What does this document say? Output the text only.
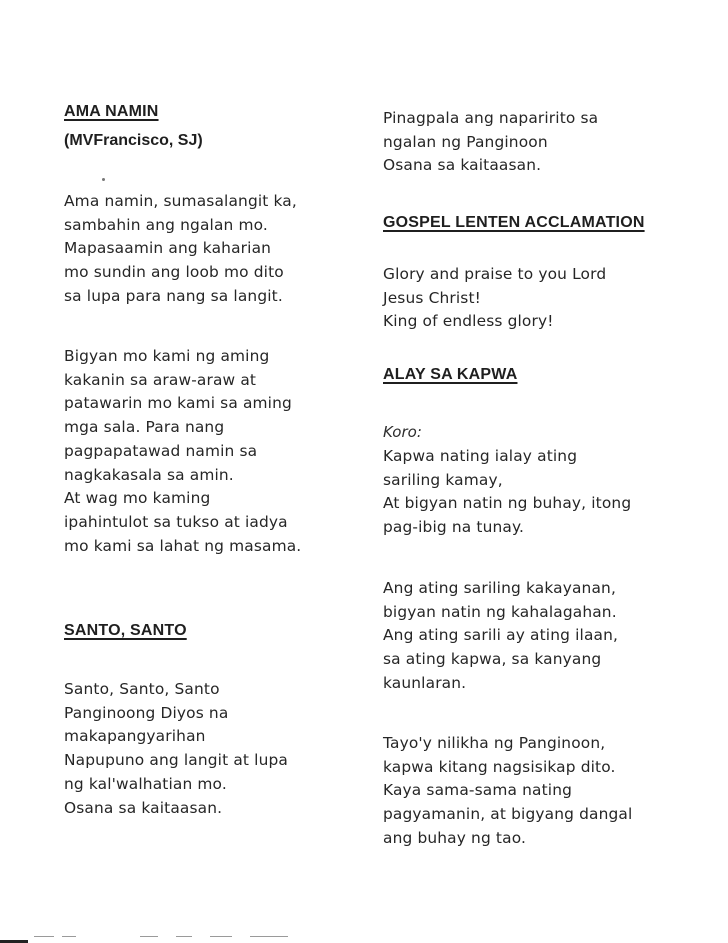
AMA NAMIN
(MVFrancisco, SJ)
Ama namin, sumasalangit ka,
sambahin ang ngalan mo.
Mapasaamin ang kaharian
mo sundin ang loob mo dito
sa lupa para nang sa langit.
Bigyan mo kami ng aming
kakanin sa araw-araw at
patawarin mo kami sa aming
mga sala. Para nang
pagpapatawad namin sa
nagkakasala sa amin.
At wag mo kaming
ipahintulot sa tukso at iadya
mo kami sa lahat ng masama.
SANTO, SANTO
Santo, Santo, Santo
Panginoong Diyos na
makapangyarihan
Napupuno ang langit at lupa
ng kal'walhatian mo.
Osana sa kaitaasan.
Pinagpala ang naparirito sa
ngalan ng Panginoon
Osana sa kaitaasan.
GOSPEL LENTEN ACCLAMATION
Glory and praise to you Lord
Jesus Christ!
King of endless glory!
ALAY SA KAPWA
Koro:
Kapwa nating ialay ating
sariling kamay,
At bigyan natin ng buhay, itong
pag-ibig na tunay.
Ang ating sariling kakayanan,
bigyan natin ng kahalagahan.
Ang ating sarili ay ating ilaan,
sa ating kapwa, sa kanyang
kaunlaran.
Tayo'y nilikha ng Panginoon,
kapwa kitang nagsisikap dito.
Kaya sama-sama nating
pagyamanin, at bigyang dangal
ang buhay ng tao.
